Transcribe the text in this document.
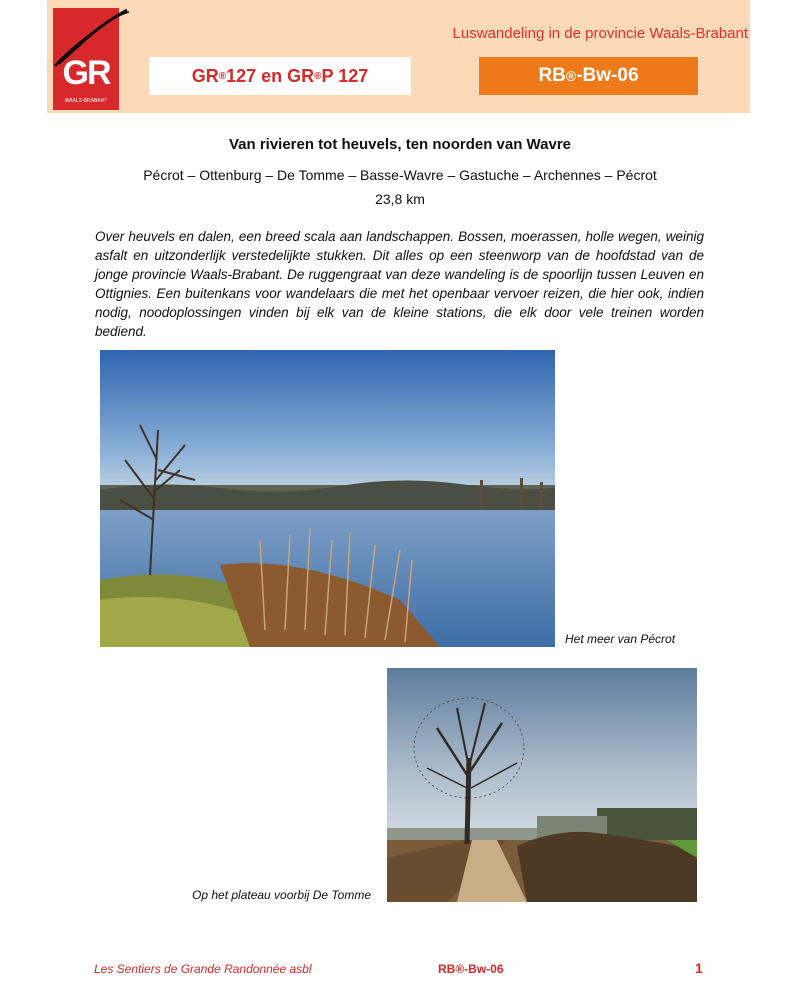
GR
WAALS-BRABANT
Luswandeling in de provincie Waals-Brabant
GR ® 127 en GR ® P 127	RB ® -Bw-06
Van rivieren tot heuvels, ten noorden van Wavre
Pécrot – Ottenburg – De Tomme – Basse-Wavre – Gastuche – Archennes – Pécrot
23,8 km
Over heuvels en dalen, een breed scala aan landschappen. Bossen, moerassen, holle wegen, weinig asfalt en uitzonderlijk verstedelijkte stukken. Dit alles op een steenworp van de hoofdstad van de jonge provincie Waals-Brabant. De ruggengraat van deze wandeling is de spoorlijn tussen Leuven en Ottignies. Een buitenkans voor wandelaars die met het openbaar vervoer reizen, die hier ook, indien nodig, noodoplossingen vinden bij elk van de kleine stations, die elk door vele treinen worden bediend.
Het meer van Pécrot
Op het plateau voorbij De Tomme
Les Sentiers de Grande Randonnée asbl	RB®-Bw-06	1
